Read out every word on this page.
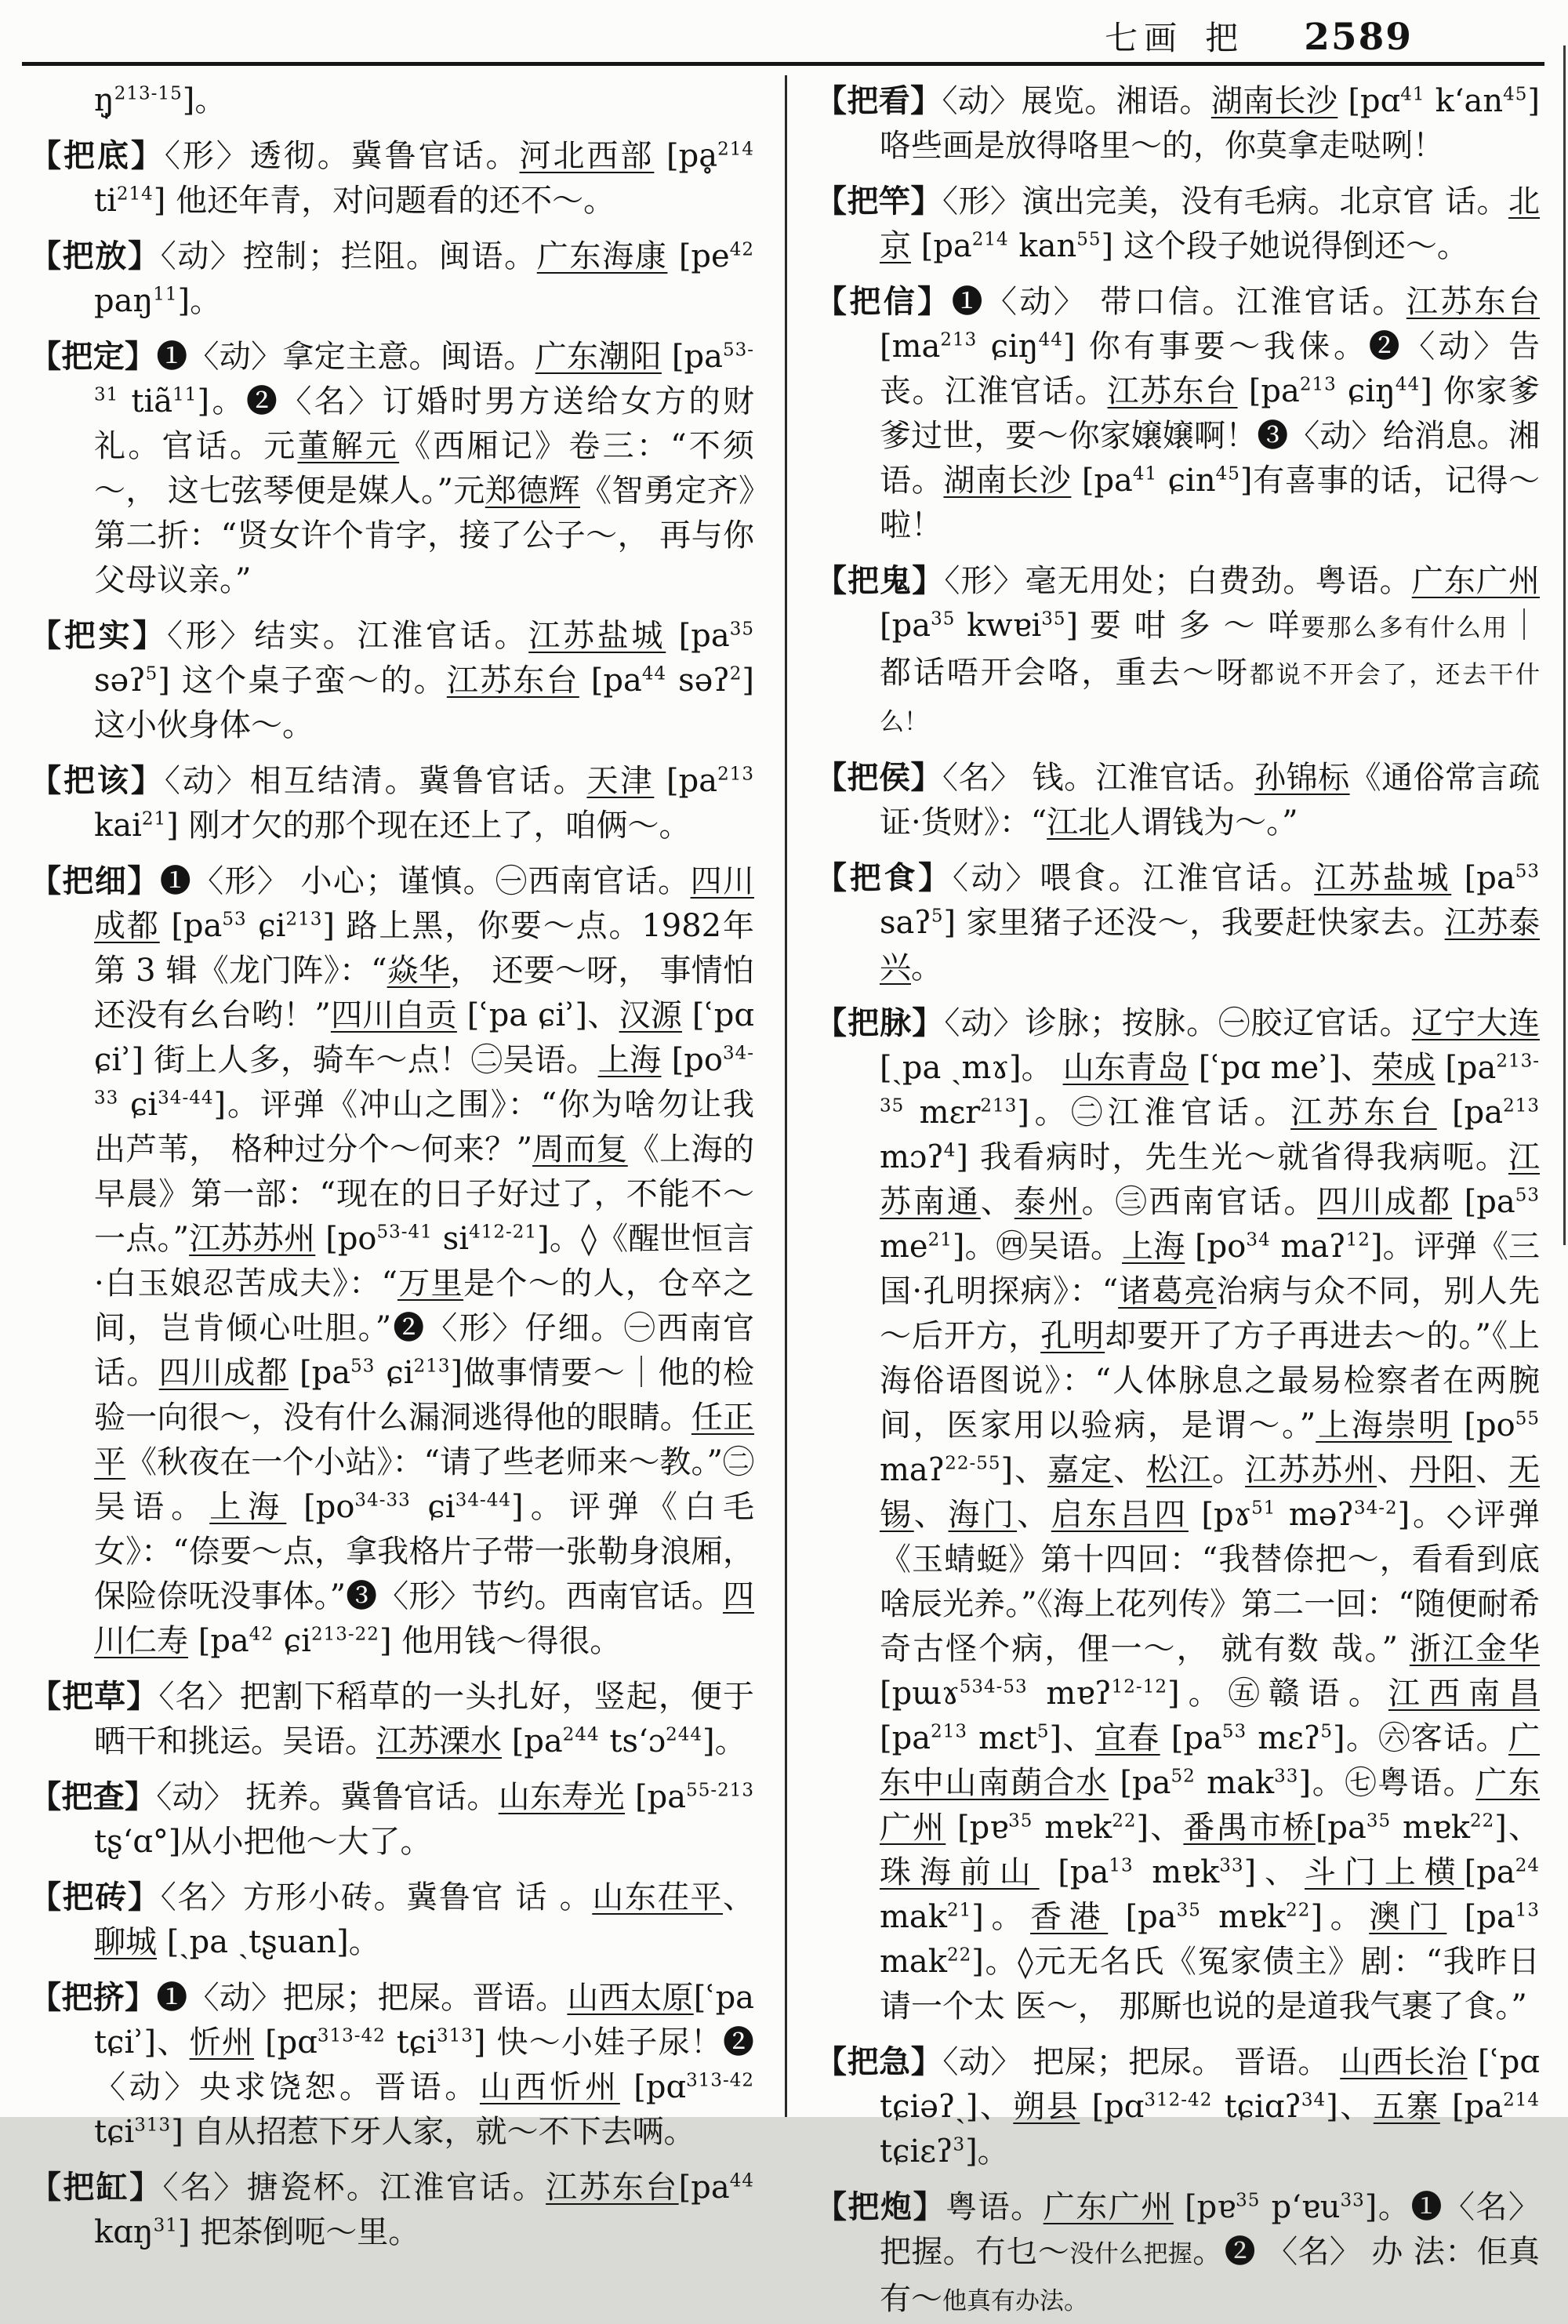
七画 把 2589
ŋ̩$^{213-15}$]。
【把底】〈形〉透彻。冀鲁官话。河北西部 [pḁ$^{214}$ $ti^{214}$] 他还年青，对问题看的还不～。
【把放】〈动〉控制；拦阻。闽语。广东海康 [$pe^{42}$ paŋ$^{11}$]。
【把定】❶〈动〉拿定主意。闽语。广东潮阳 [$pa^{53-31}$ tiã$^{11}$]。❷〈名〉订婚时男方送给女方的财礼。官话。元董解元《西厢记》卷三：“不须～， 这七弦琴便是媒人。”元郑德辉《智勇定齐》第二折：“贤女许个肯字，接了公子～， 再与你父母议亲。”
【把实】〈形〉结实。江淮官话。江苏盐城 [$pa^{35}$ səʔ$^5$] 这个桌子蛮～的。江苏东台 [$pa^{44}$ səʔ$^2$] 这小伙身体～。
【把该】〈动〉相互结清。冀鲁官话。天津 [$pa^{213}$ kai$^{21}$] 刚才欠的那个现在还上了，咱俩～。
【把细】❶〈形〉 小心；谨慎。㊀西南官话。四川成都 [$pa^{53}$ ɕi$^{213}$] 路上黑，你要～点。1982年第 3 辑《龙门阵》：“焱华， 还要～呀， 事情怕还没有幺台哟！”四川自贡 [ʿpa ɕiʾ]、汉源 [ʿpɑ ɕiʾ] 街上人多，骑车～点！㊁吴语。上海 [$po^{34-33}$ ɕi$^{34-44}$]。评弹《冲山之围》：“你为啥勿让我出芦苇， 格种过分个～何来？”周而复《上海的早晨》第一部：“现在的日子好过了，不能不～一点。”江苏苏州 [$po^{53-41}$ $si^{412-21}$]。◊《醒世恒言·白玉娘忍苦成夫》：“万里是个～的人，仓卒之间，岂肯倾心吐胆。”❷〈形〉仔细。㊀西南官话。四川成都 [$pa^{53}$ ɕi$^{213}$]做事情要～｜他的检验一向很～，没有什么漏洞逃得他的眼睛。任正平《秋夜在一个小站》：“请了些老师来～教。”㊁吴语。上海 [$po^{34-33}$ ɕi$^{34-44}$]。评弹《白毛女》：“倷要～点，拿我格片子带一张勒身浪厢，保险倷呒没事体。”❸〈形〉节约。西南官话。四川仁寿 [$pa^{42}$ ɕi$^{213-22}$] 他用钱～得很。
【把草】〈名〉把割下稻草的一头扎好，竖起，便于晒干和挑运。吴语。江苏溧水 [$pa^{244}$ tsʻɔ$^{244}$]。
【把查】〈动〉 抚养。冀鲁官话。山东寿光 [$pa^{55-213}$ tʂʻɑ°]从小把他～大了。
【把砖】〈名〉方形小砖。冀鲁官 话 。山东茌平、聊城 [ˎpa ˎtʂuan]。
【把挤】❶〈动〉把尿；把屎。晋语。山西太原[ʿpa tɕiʾ]、忻州 [pɑ$^{313-42}$ tɕi$^{313}$] 快～小娃子尿！❷〈动〉央求饶恕。晋语。山西忻州 [pɑ$^{313-42}$ tɕi$^{313}$] 自从招惹下牙人家，就～不下去唡。
【把缸】〈名〉搪瓷杯。江淮官话。江苏东台[$pa^{44}$ kɑŋ$^{31}$] 把茶倒呃～里。
【把看】〈动〉展览。湘语。湖南长沙 [pɑ$^{41}$ kʻan$^{45}$] 咯些画是放得咯里～的，你莫拿走哒咧！
【把竿】〈形〉演出完美，没有毛病。北京官 话。北京 [$pa^{214}$ kan$^{55}$] 这个段子她说得倒还～。
【把信】❶〈动〉 带口信。江淮官话。江苏东台 [$ma^{213}$ ɕiŋ$^{44}$] 你有事要～我俫。❷〈动〉告丧。江淮官话。江苏东台 [$pa^{213}$ ɕiŋ$^{44}$] 你家爹爹过世，要～你家嬢嬢啊！❸〈动〉给消息。湘语。湖南长沙 [$pa^{41}$ ɕin$^{45}$]有喜事的话，记得～啦！
【把鬼】〈形〉毫无用处；白费劲。粤语。广东广州 [$pa^{35}$ kwɐi$^{35}$] 要 咁 多 ～ 咩要那么多有什么用｜都话唔开会咯，重去～呀都说不开会了，还去干什么！
【把侯】〈名〉 钱。江淮官话。孙锦标《通俗常言疏证·货财》：“江北人谓钱为～。”
【把食】〈动〉喂食。江淮官话。江苏盐城 [$pa^{53}$ saʔ$^5$] 家里猪子还没～，我要赶快家去。江苏泰兴。
【把脉】〈动〉诊脉；按脉。㊀胶辽官话。辽宁大连[ˎpa ˎmɤ]。 山东青岛 [ʿpɑ meʾ]、荣成 [$pa^{213-35}$ mɛr$^{213}$]。㊁江淮官话。江苏东台 [$pa^{213}$ mɔʔ$^4$] 我看病时，先生光～就省得我病呃。江苏南通、泰州。㊂西南官话。四川成都 [$pa^{53}$ $me^{21}$]。㊃吴语。上海 [$po^{34}$ maʔ$^{12}$]。评弹《三国·孔明探病》：“诸葛亮治病与众不同，别人先～后开方，孔明却要开了方子再进去～的。”《上海俗语图说》：“人体脉息之最易检察者在两腕间，医家用以验病，是谓～。”上海崇明 [$po^{55}$ maʔ$^{22-55}$]、嘉定、松江。江苏苏州、丹阳、无锡、海门、启东吕四 [pɤ$^{51}$ məʔ$^{34-2}$]。◇评弹《玉蜻蜓》第十四回：“我替倷把～，看看到底啥辰光养。”《海上花列传》第二一回：“随便耐希奇古怪个病，俚一～， 就有数 哉。” 浙江金华 [pɯɤ$^{534-53}$ mɐʔ$^{12-12}$]。㊄赣语。江西南昌[$pa^{213}$ mɛt$^5$]、宜春 [$pa^{53}$ mɛʔ$^5$]。㊅客话。广东中山南蓢合水 [$pa^{52}$ mak$^{33}$]。㊆粤语。广东广州 [pɐ$^{35}$ mɐk$^{22}$]、番禺市桥[$pa^{35}$ mɐk$^{22}$]、珠海前山 [$pa^{13}$ mɐk$^{33}$]、斗门上横[$pa^{24}$ mak$^{21}$]。香港 [$pa^{35}$ mɐk$^{22}$]。澳门 [$pa^{13}$ mak$^{22}$]。◊元无名氏《冤家债主》剧：“我昨日请一个太 医～， 那厮也说的是道我气裹了食。”
【把急】〈动〉 把屎；把尿。 晋语。 山西长治 [ʿpɑ tɕiəʔˎ]、朔县 [pɑ$^{312-42}$ tɕiɑʔ$^{34}$]、五寨 [$pa^{214}$ tɕiɛʔ$^3$]。
【把炮】粤语。广东广州 [pɐ$^{35}$ pʻɐu$^{33}$]。❶〈名〉 把握。冇乜～没什么把握。❷ 〈名〉 办 法：佢真有～他真有办法。
